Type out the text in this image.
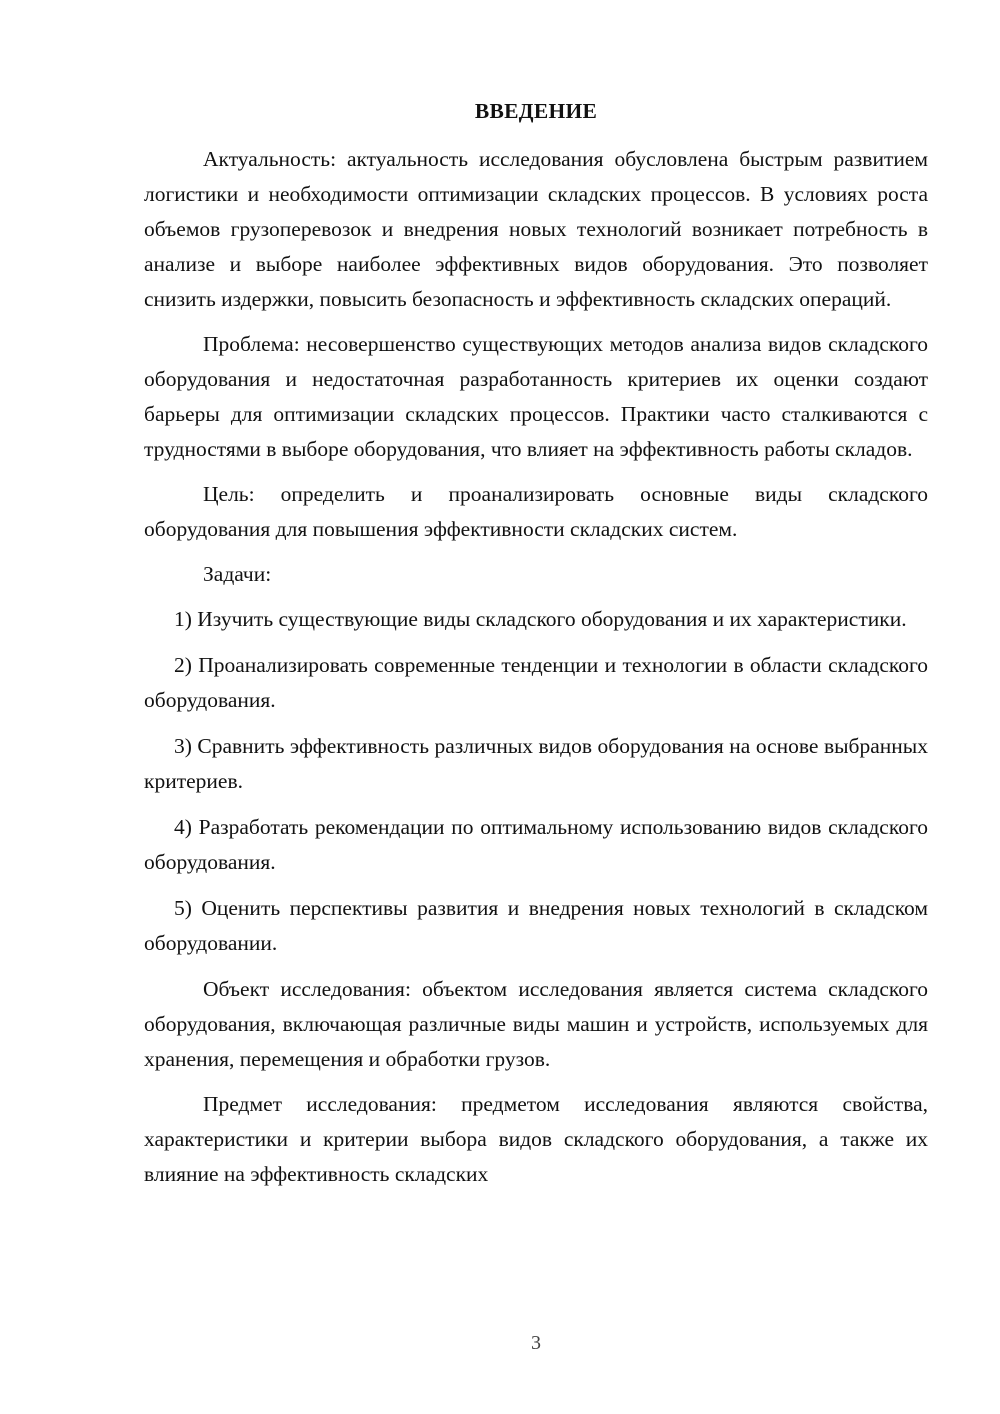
ВВЕДЕНИЕ

Актуальность: актуальность исследования обусловлена быстрым развитием логистики и необходимости оптимизации складских процессов. В условиях роста объемов грузоперевозок и внедрения новых технологий возникает потребность в анализе и выборе наиболее эффективных видов оборудования. Это позволяет снизить издержки, повысить безопасность и эффективность складских операций.

Проблема: несовершенство существующих методов анализа видов складского оборудования и недостаточная разработанность критериев их оценки создают барьеры для оптимизации складских процессов. Практики часто сталкиваются с трудностями в выборе оборудования, что влияет на эффективность работы складов.

Цель: определить и проанализировать основные виды складского оборудования для повышения эффективности складских систем.

Задачи:

1) Изучить существующие виды складского оборудования и их характеристики.

2) Проанализировать современные тенденции и технологии в области складского оборудования.

3) Сравнить эффективность различных видов оборудования на основе выбранных критериев.

4) Разработать рекомендации по оптимальному использованию видов складского оборудования.

5) Оценить перспективы развития и внедрения новых технологий в складском оборудовании.

Объект исследования: объектом исследования является система складского оборудования, включающая различные виды машин и устройств, используемых для хранения, перемещения и обработки грузов.

Предмет исследования: предметом исследования являются свойства, характеристики и критерии выбора видов складского оборудования, а также их влияние на эффективность складских

3
